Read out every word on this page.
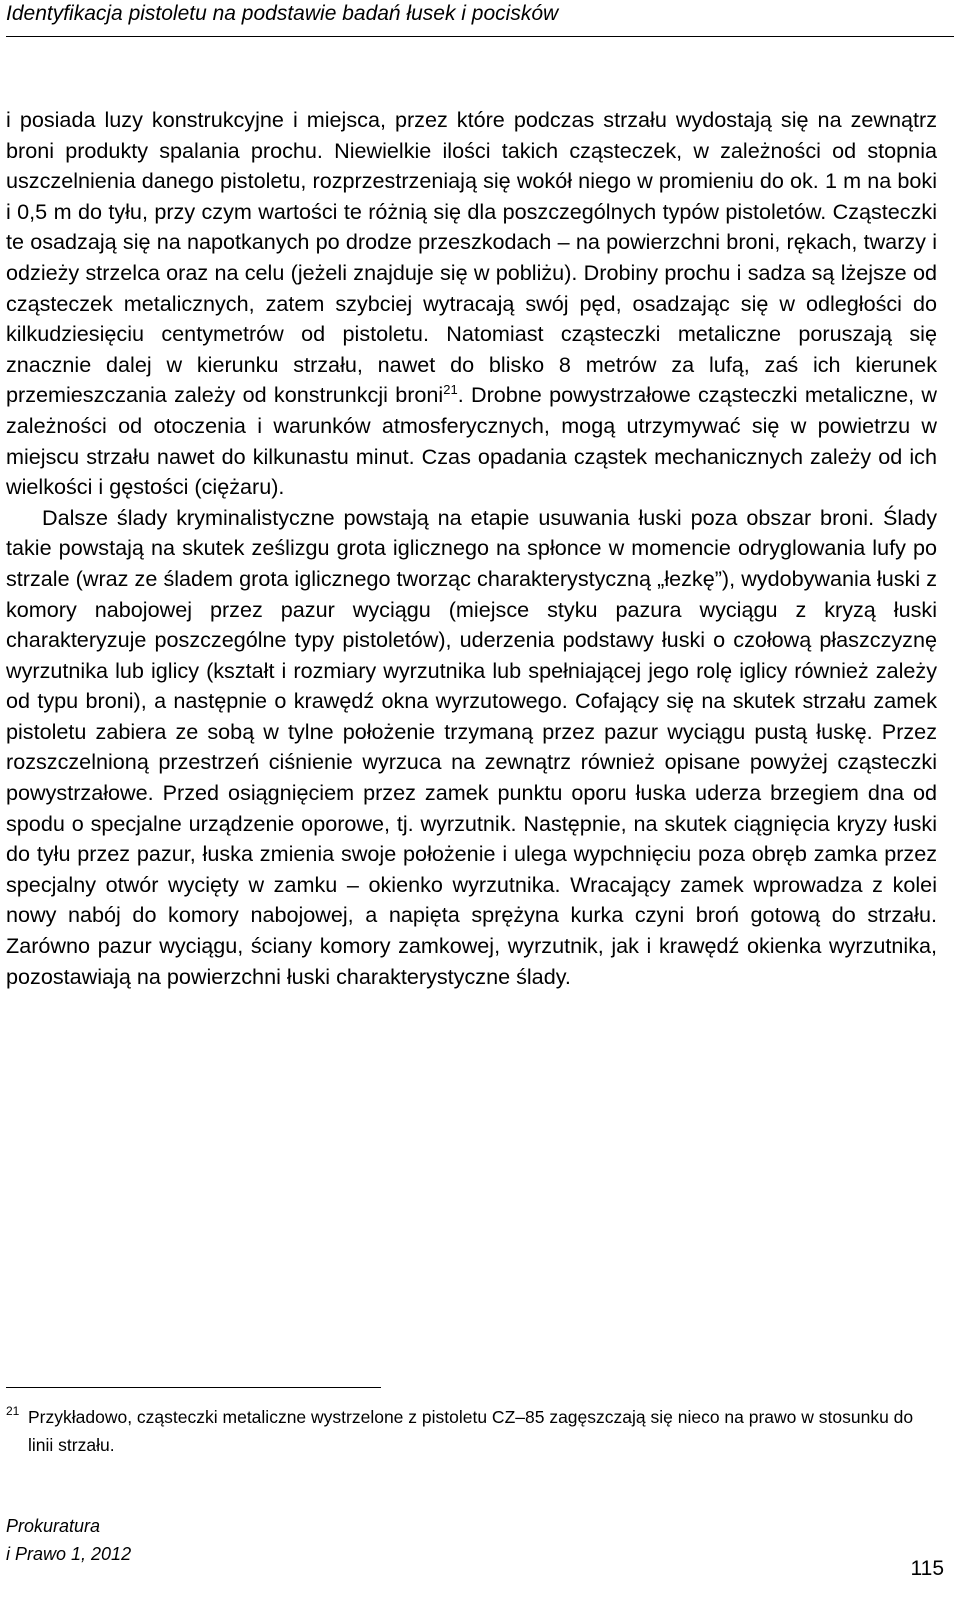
Identyfikacja pistoletu na podstawie badań łusek i pocisków

i posiada luzy konstrukcyjne i miejsca, przez które podczas strzału wydostają się na zewnątrz broni produkty spalania prochu. Niewielkie ilości takich cząsteczek, w zależności od stopnia uszczelnienia danego pistoletu, rozprzestrzeniają się wokół niego w promieniu do ok. 1 m na boki i 0,5 m do tyłu, przy czym wartości te różnią się dla poszczególnych typów pistoletów. Cząsteczki te osadzają się na napotkanych po drodze przeszkodach – na powierzchni broni, rękach, twarzy i odzieży strzelca oraz na celu (jeżeli znajduje się w pobliżu). Drobiny prochu i sadza są lżejsze od cząsteczek metalicznych, zatem szybciej wytracają swój pęd, osadzając się w odległości do kilkudziesięciu centymetrów od pistoletu. Natomiast cząsteczki metaliczne poruszają się znacznie dalej w kierunku strzału, nawet do blisko 8 metrów za lufą, zaś ich kierunek przemieszczania zależy od konstrunkcji broni$^{21}$. Drobne powystrzałowe cząsteczki metaliczne, w zależności od otoczenia i warunków atmosferycznych, mogą utrzymywać się w powietrzu w miejscu strzału nawet do kilkunastu minut. Czas opadania cząstek mechanicznych zależy od ich wielkości i gęstości (ciężaru).

Dalsze ślady kryminalistyczne powstają na etapie usuwania łuski poza obszar broni. Ślady takie powstają na skutek ześlizgu grota iglicznego na spłonce w momencie odryglowania lufy po strzale (wraz ze śladem grota iglicznego tworząc charakterystyczną „łezkę”), wydobywania łuski z komory nabojowej przez pazur wyciągu (miejsce styku pazura wyciągu z kryzą łuski charakteryzuje poszczególne typy pistoletów), uderzenia podstawy łuski o czołową płaszczyznę wyrzutnika lub iglicy (kształt i rozmiary wyrzutnika lub spełniającej jego rolę iglicy również zależy od typu broni), a następnie o krawędź okna wyrzutowego. Cofający się na skutek strzału zamek pistoletu zabiera ze sobą w tylne położenie trzymaną przez pazur wyciągu pustą łuskę. Przez rozszczelnioną przestrzeń ciśnienie wyrzuca na zewnątrz również opisane powyżej cząsteczki powystrzałowe. Przed osiągnięciem przez zamek punktu oporu łuska uderza brzegiem dna od spodu o specjalne urządzenie oporowe, tj. wyrzutnik. Następnie, na skutek ciągnięcia kryzy łuski do tyłu przez pazur, łuska zmienia swoje położenie i ulega wypchnięciu poza obręb zamka przez specjalny otwór wycięty w zamku – okienko wyrzutnika. Wracający zamek wprowadza z kolei nowy nabój do komory nabojowej, a napięta sprężyna kurka czyni broń gotową do strzału. Zarówno pazur wyciągu, ściany komory zamkowej, wyrzutnik, jak i krawędź okienka wyrzutnika, pozostawiają na powierzchni łuski charakterystyczne ślady.

21 Przykładowo, cząsteczki metaliczne wystrzelone z pistoletu CZ–85 zagęszczają się nieco na prawo w stosunku do linii strzału.
Prokuratura
i Prawo 1, 2012
115
